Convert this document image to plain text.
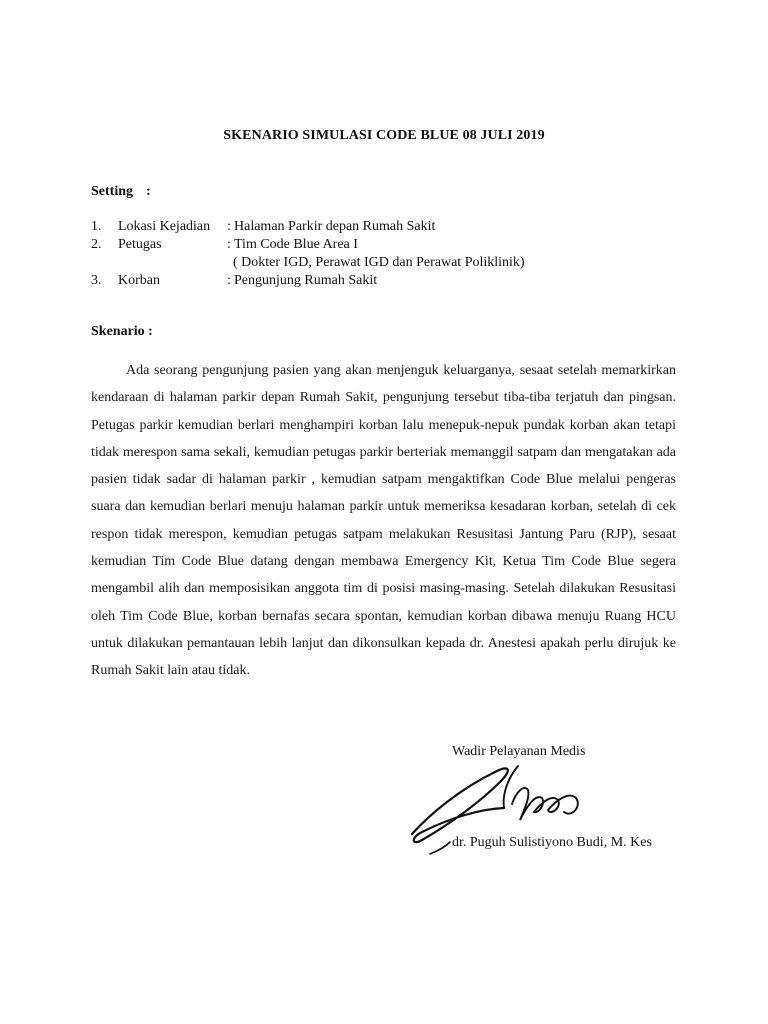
SKENARIO SIMULASI CODE BLUE 08 JULI 2019
Setting :
1. Lokasi Kejadian : Halaman Parkir depan Rumah Sakit
2. Petugas	: Tim Code Blue Area I
( Dokter IGD, Perawat IGD dan Perawat Poliklinik)
3. Korban	: Pengunjung Rumah Sakit
Skenario :

Ada seorang pengunjung pasien yang akan menjenguk keluarganya, sesaat setelah memarkirkan kendaraan di halaman parkir depan Rumah Sakit, pengunjung tersebut tiba-tiba terjatuh dan pingsan. Petugas parkir kemudian berlari menghampiri korban lalu menepuk-nepuk pundak korban akan tetapi tidak merespon sama sekali, kemudian petugas parkir berteriak memanggil satpam dan mengatakan ada pasien tidak sadar di halaman parkir , kemudian satpam mengaktifkan Code Blue melalui pengeras suara dan kemudian berlari menuju halaman parkir untuk memeriksa kesadaran korban, setelah di cek respon tidak merespon, kemudian petugas satpam melakukan Resusitasi Jantung Paru (RJP), sesaat kemudian Tim Code Blue datang dengan membawa Emergency Kit, Ketua Tim Code Blue segera mengambil alih dan memposisikan anggota tim di posisi masing-masing. Setelah dilakukan Resusitasi oleh Tim Code Blue, korban bernafas secara spontan, kemudian korban dibawa menuju Ruang HCU untuk dilakukan pemantauan lebih lanjut dan dikonsulkan kepada dr. Anestesi apakah perlu dirujuk ke Rumah Sakit lain atau tidak.

Wadir Pelayanan Medis
dr. Puguh Sulistiyono Budi, M. Kes
